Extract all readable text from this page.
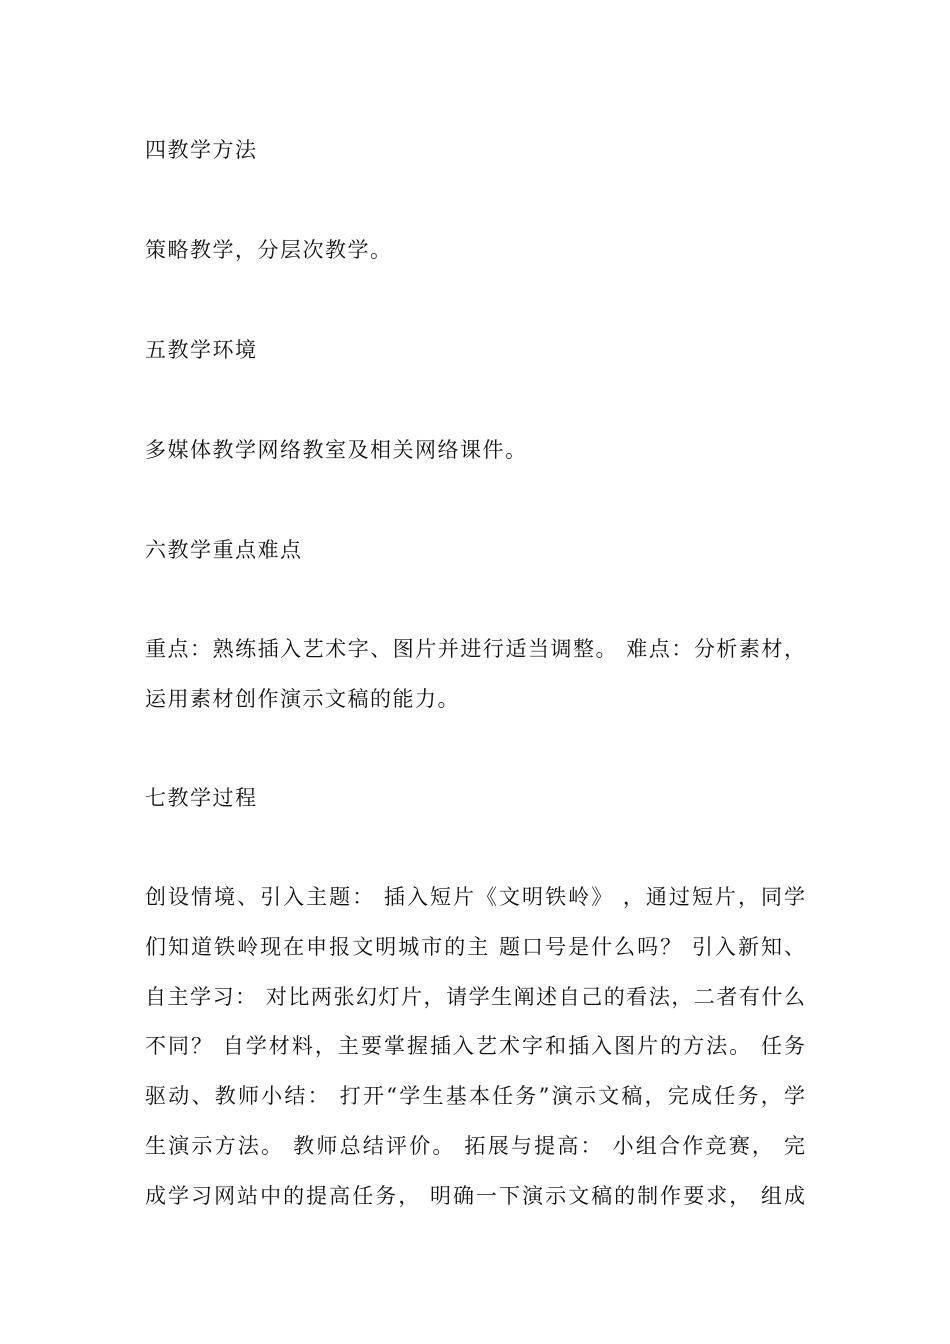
四教学方法
策略教学，分层次教学。
五教学环境
多媒体教学网络教室及相关网络课件。
六教学重点难点
重点：熟练插入艺术字、图片并进行适当调整。 难点：分析素材，
运用素材创作演示文稿的能力。
七教学过程
创设情境、引入主题： 插入短片《文明铁岭》 ，通过短片，同学
们知道铁岭现在申报文明城市的主 题口号是什么吗？ 引入新知、
自主学习： 对比两张幻灯片，请学生阐述自己的看法，二者有什么
不同？ 自学材料，主要掌握插入艺术字和插入图片的方法。 任务
驱动、教师小结： 打开“学生基本任务”演示文稿，完成任务，学
生演示方法。 教师总结评价。 拓展与提高： 小组合作竞赛， 完
成学习网站中的提高任务， 明确一下演示文稿的制作要求， 组成
